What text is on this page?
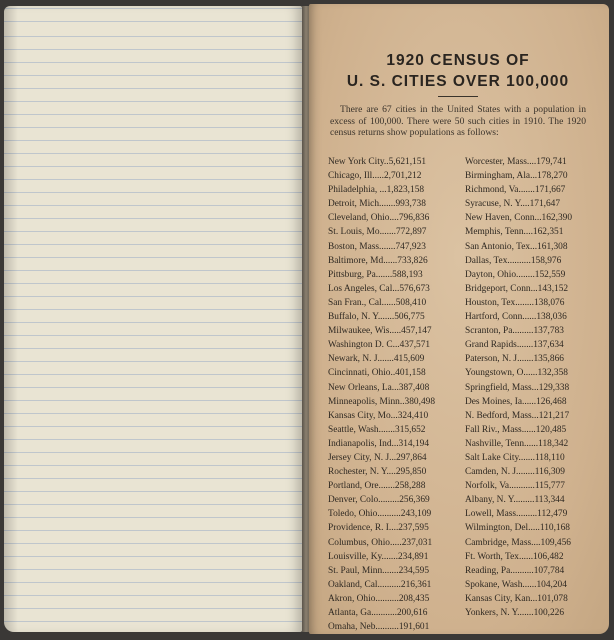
1920 CENSUS OF
U. S. CITIES OVER 100,000

There are 67 cities in the United States with a population in excess of 100,000. There were 50 such cities in 1910. The 1920 census returns show populations as follows:

New York City..5,621,151
Chicago, Ill.....2,701,212
Philadelphia, ...1,823,158
Detroit, Mich.......993,738
Cleveland, Ohio....796,836
St. Louis, Mo.......772,897
Boston, Mass.......747,923
Baltimore, Md......733,826
Pittsburg, Pa.......588,193
Los Angeles, Cal...576,673
San Fran., Cal......508,410
Buffalo, N. Y.......506,775
Milwaukee, Wis.....457,147
Washington D. C...437,571
Newark, N. J.......415,609
Cincinnati, Ohio..401,158
New Orleans, La...387,408
Minneapolis, Minn..380,498
Kansas City, Mo...324,410
Seattle, Wash.......315,652
Indianapolis, Ind...314,194
Jersey City, N. J...297,864
Rochester, N. Y....295,850
Portland, Ore.......258,288
Denver, Colo.........256,369
Toledo, Ohio..........243,109
Providence, R. I....237,595
Columbus, Ohio.....237,031
Louisville, Ky.......234,891
St. Paul, Minn.......234,595
Oakland, Cal..........216,361
Akron, Ohio..........208,435
Atlanta, Ga...........200,616
Omaha, Neb..........191,601
Worcester, Mass....179,741
Birmingham, Ala...178,270
Richmond, Va.......171,667
Syracuse, N. Y....171,647
New Haven, Conn...162,390
Memphis, Tenn....162,351
San Antonio, Tex...161,308
Dallas, Tex..........158,976
Dayton, Ohio........152,559
Bridgeport, Conn...143,152
Houston, Tex........138,076
Hartford, Conn......138,036
Scranton, Pa.........137,783
Grand Rapids.......137,634
Paterson, N. J.......135,866
Youngstown, O......132,358
Springfield, Mass...129,338
Des Moines, Ia......126,468
N. Bedford, Mass...121,217
Fall Riv., Mass......120,485
Nashville, Tenn......118,342
Salt Lake City.......118,110
Camden, N. J........116,309
Norfolk, Va...........115,777
Albany, N. Y.........113,344
Lowell, Mass.........112,479
Wilmington, Del.....110,168
Cambridge, Mass....109,456
Ft. Worth, Tex......106,482
Reading, Pa..........107,784
Spokane, Wash......104,204
Kansas City, Kan...101,078
Yonkers, N. Y.......100,226
